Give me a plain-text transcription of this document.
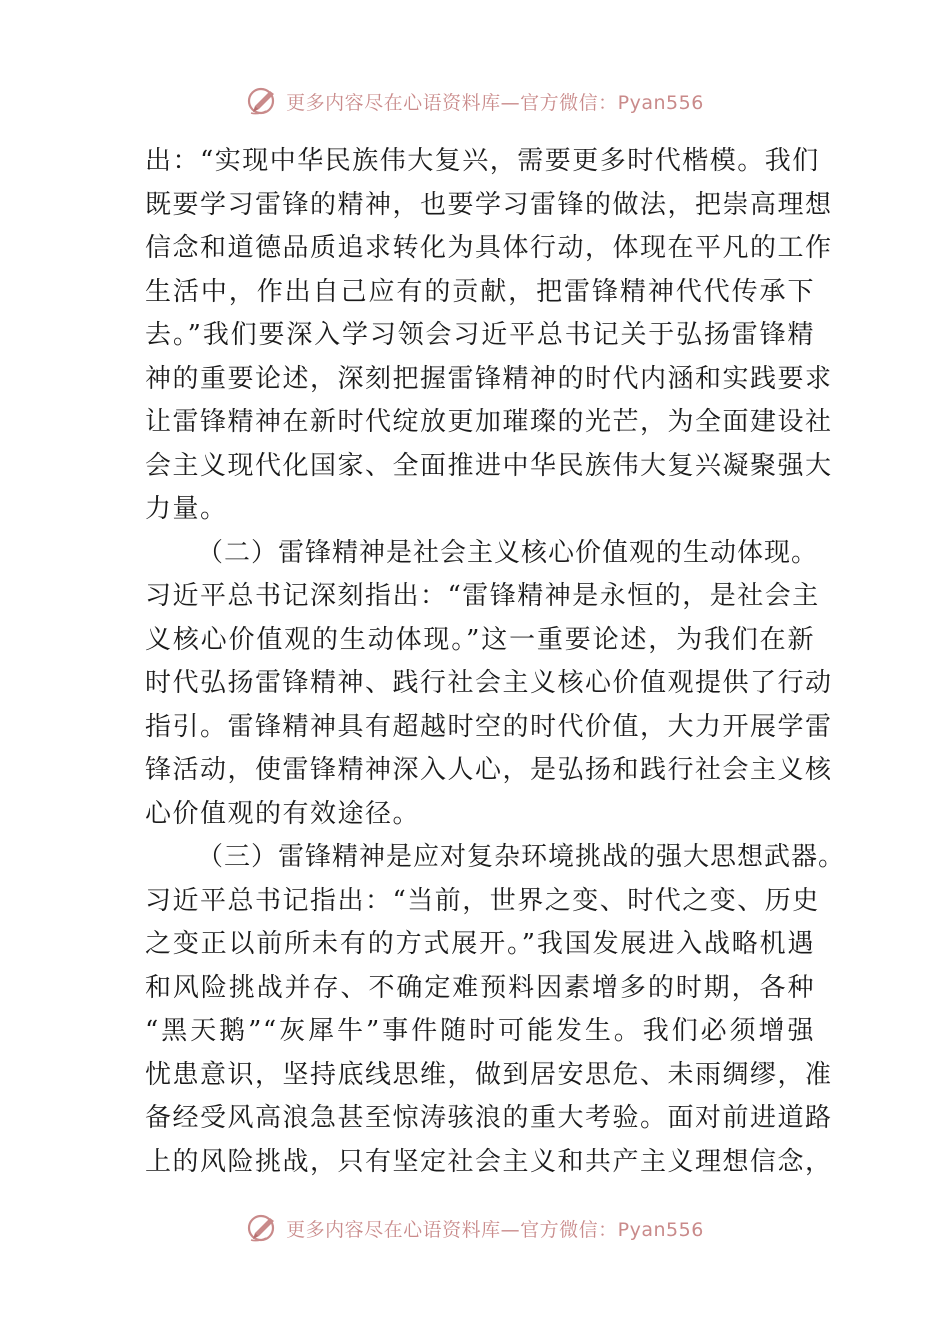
更多内容尽在心语资料库—官方微信：Pyan556
出：“实现中华民族伟大复兴，需要更多时代楷模。我们
既要学习雷锋的精神，也要学习雷锋的做法，把崇高理想
信念和道德品质追求转化为具体行动，体现在平凡的工作
生活中，作出自己应有的贡献，把雷锋精神代代传承下
去。”我们要深入学习领会习近平总书记关于弘扬雷锋精
神的重要论述，深刻把握雷锋精神的时代内涵和实践要求
让雷锋精神在新时代绽放更加璀璨的光芒，为全面建设社
会主义现代化国家、全面推进中华民族伟大复兴凝聚强大
力量。
（二）雷锋精神是社会主义核心价值观的生动体现。
习近平总书记深刻指出：“雷锋精神是永恒的，是社会主
义核心价值观的生动体现。”这一重要论述，为我们在新
时代弘扬雷锋精神、践行社会主义核心价值观提供了行动
指引。雷锋精神具有超越时空的时代价值，大力开展学雷
锋活动，使雷锋精神深入人心，是弘扬和践行社会主义核
心价值观的有效途径。
（三）雷锋精神是应对复杂环境挑战的强大思想武器。
习近平总书记指出：“当前，世界之变、时代之变、历史
之变正以前所未有的方式展开。”我国发展进入战略机遇
和风险挑战并存、不确定难预料因素增多的时期，各种
“黑天鹅”“灰犀牛”事件随时可能发生。我们必须增强
忧患意识，坚持底线思维，做到居安思危、未雨绸缪，准
备经受风高浪急甚至惊涛骇浪的重大考验。面对前进道路
上的风险挑战，只有坚定社会主义和共产主义理想信念，
更多内容尽在心语资料库—官方微信：Pyan556
